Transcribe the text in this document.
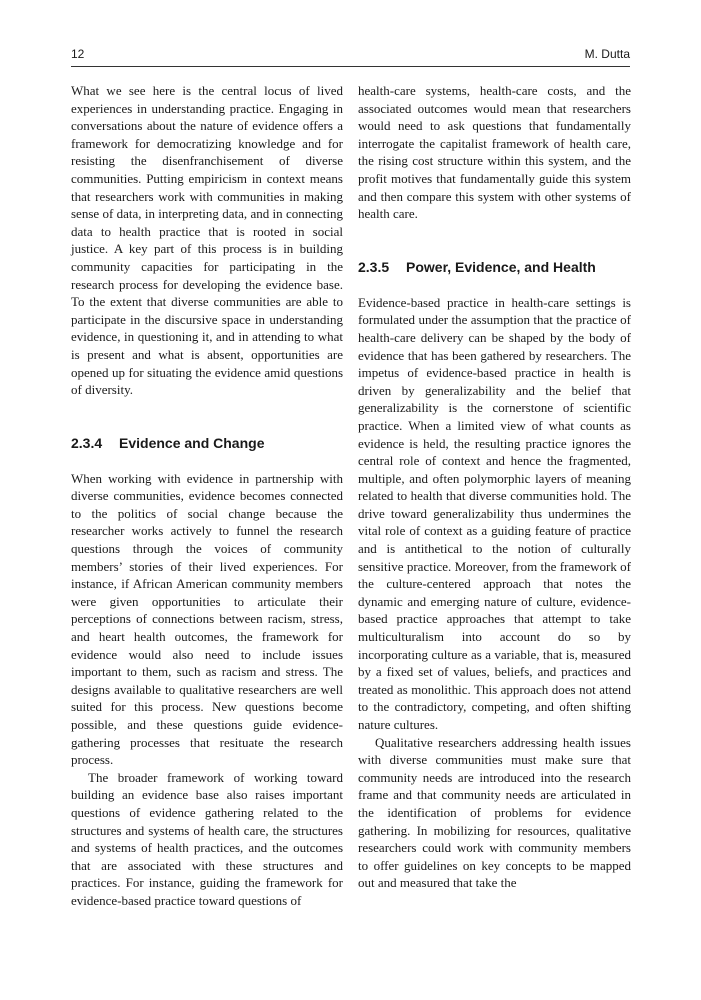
12	M. Dutta

What we see here is the central locus of lived experiences in understanding practice. Engaging in conversations about the nature of evidence offers a framework for democratizing knowledge and for resisting the disenfranchisement of diverse communities. Putting empiricism in context means that researchers work with communities in making sense of data, in interpreting data, and in connecting data to health practice that is rooted in social justice. A key part of this process is in building community capacities for participating in the research process for developing the evidence base. To the extent that diverse communities are able to participate in the discursive space in understanding evidence, in questioning it, and in attending to what is present and what is absent, opportunities are opened up for situating the evidence amid questions of diversity.

2.3.4 Evidence and Change

When working with evidence in partnership with diverse communities, evidence becomes connected to the politics of social change because the researcher works actively to funnel the research questions through the voices of community members’ stories of their lived experiences. For instance, if African American community members were given opportunities to articulate their perceptions of connections between racism, stress, and heart health outcomes, the framework for evidence would also need to include issues important to them, such as racism and stress. The designs available to qualitative researchers are well suited for this process. New questions become possible, and these questions guide evidence-gathering processes that resituate the research process.

The broader framework of working toward building an evidence base also raises important questions of evidence gathering related to the structures and systems of health care, the structures and systems of health practices, and the outcomes that are associated with these structures and practices. For instance, guiding the framework for evidence-based practice toward questions of

health-care systems, health-care costs, and the associated outcomes would mean that researchers would need to ask questions that fundamentally interrogate the capitalist framework of health care, the rising cost structure within this system, and the profit motives that fundamentally guide this system and then compare this system with other systems of health care.

2.3.5 Power, Evidence, and Health

Evidence-based practice in health-care settings is formulated under the assumption that the practice of health-care delivery can be shaped by the body of evidence that has been gathered by researchers. The impetus of evidence-based practice in health is driven by generalizability and the belief that generalizability is the cornerstone of scientific practice. When a limited view of what counts as evidence is held, the resulting practice ignores the central role of context and hence the fragmented, multiple, and often polymorphic layers of meaning related to health that diverse communities hold. The drive toward generalizability thus undermines the vital role of context as a guiding feature of practice and is antithetical to the notion of culturally sensitive practice. Moreover, from the framework of the culture-centered approach that notes the dynamic and emerging nature of culture, evidence-based practice approaches that attempt to take multiculturalism into account do so by incorporating culture as a variable, that is, measured by a fixed set of values, beliefs, and practices and treated as monolithic. This approach does not attend to the contradictory, competing, and often shifting nature cultures.

Qualitative researchers addressing health issues with diverse communities must make sure that community needs are introduced into the research frame and that community needs are articulated in the identification of problems for evidence gathering. In mobilizing for resources, qualitative researchers could work with community members to offer guidelines on key concepts to be mapped out and measured that take the
